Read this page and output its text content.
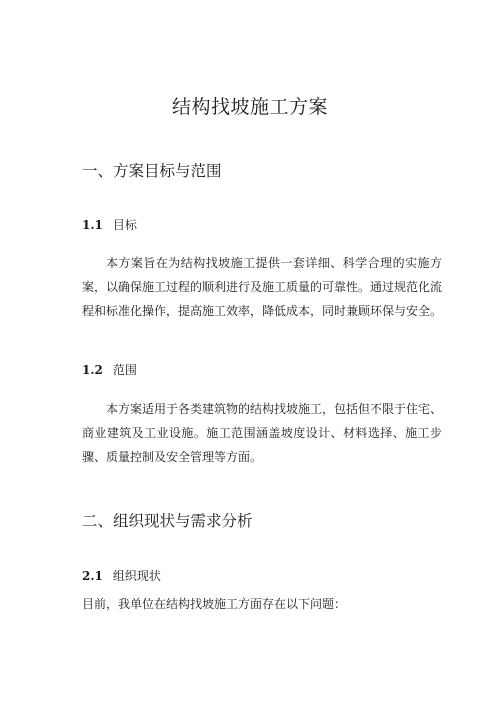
结构找坡施工方案
一、方案目标与范围
1.1 目标
本方案旨在为结构找坡施工提供一套详细、科学合理的实施方案，以确保施工过程的顺利进行及施工质量的可靠性。通过规范化流程和标准化操作，提高施工效率，降低成本，同时兼顾环保与安全。
1.2 范围
本方案适用于各类建筑物的结构找坡施工，包括但不限于住宅、商业建筑及工业设施。施工范围涵盖坡度设计、材料选择、施工步骤、质量控制及安全管理等方面。
二、组织现状与需求分析
2.1 组织现状
目前，我单位在结构找坡施工方面存在以下问题：
